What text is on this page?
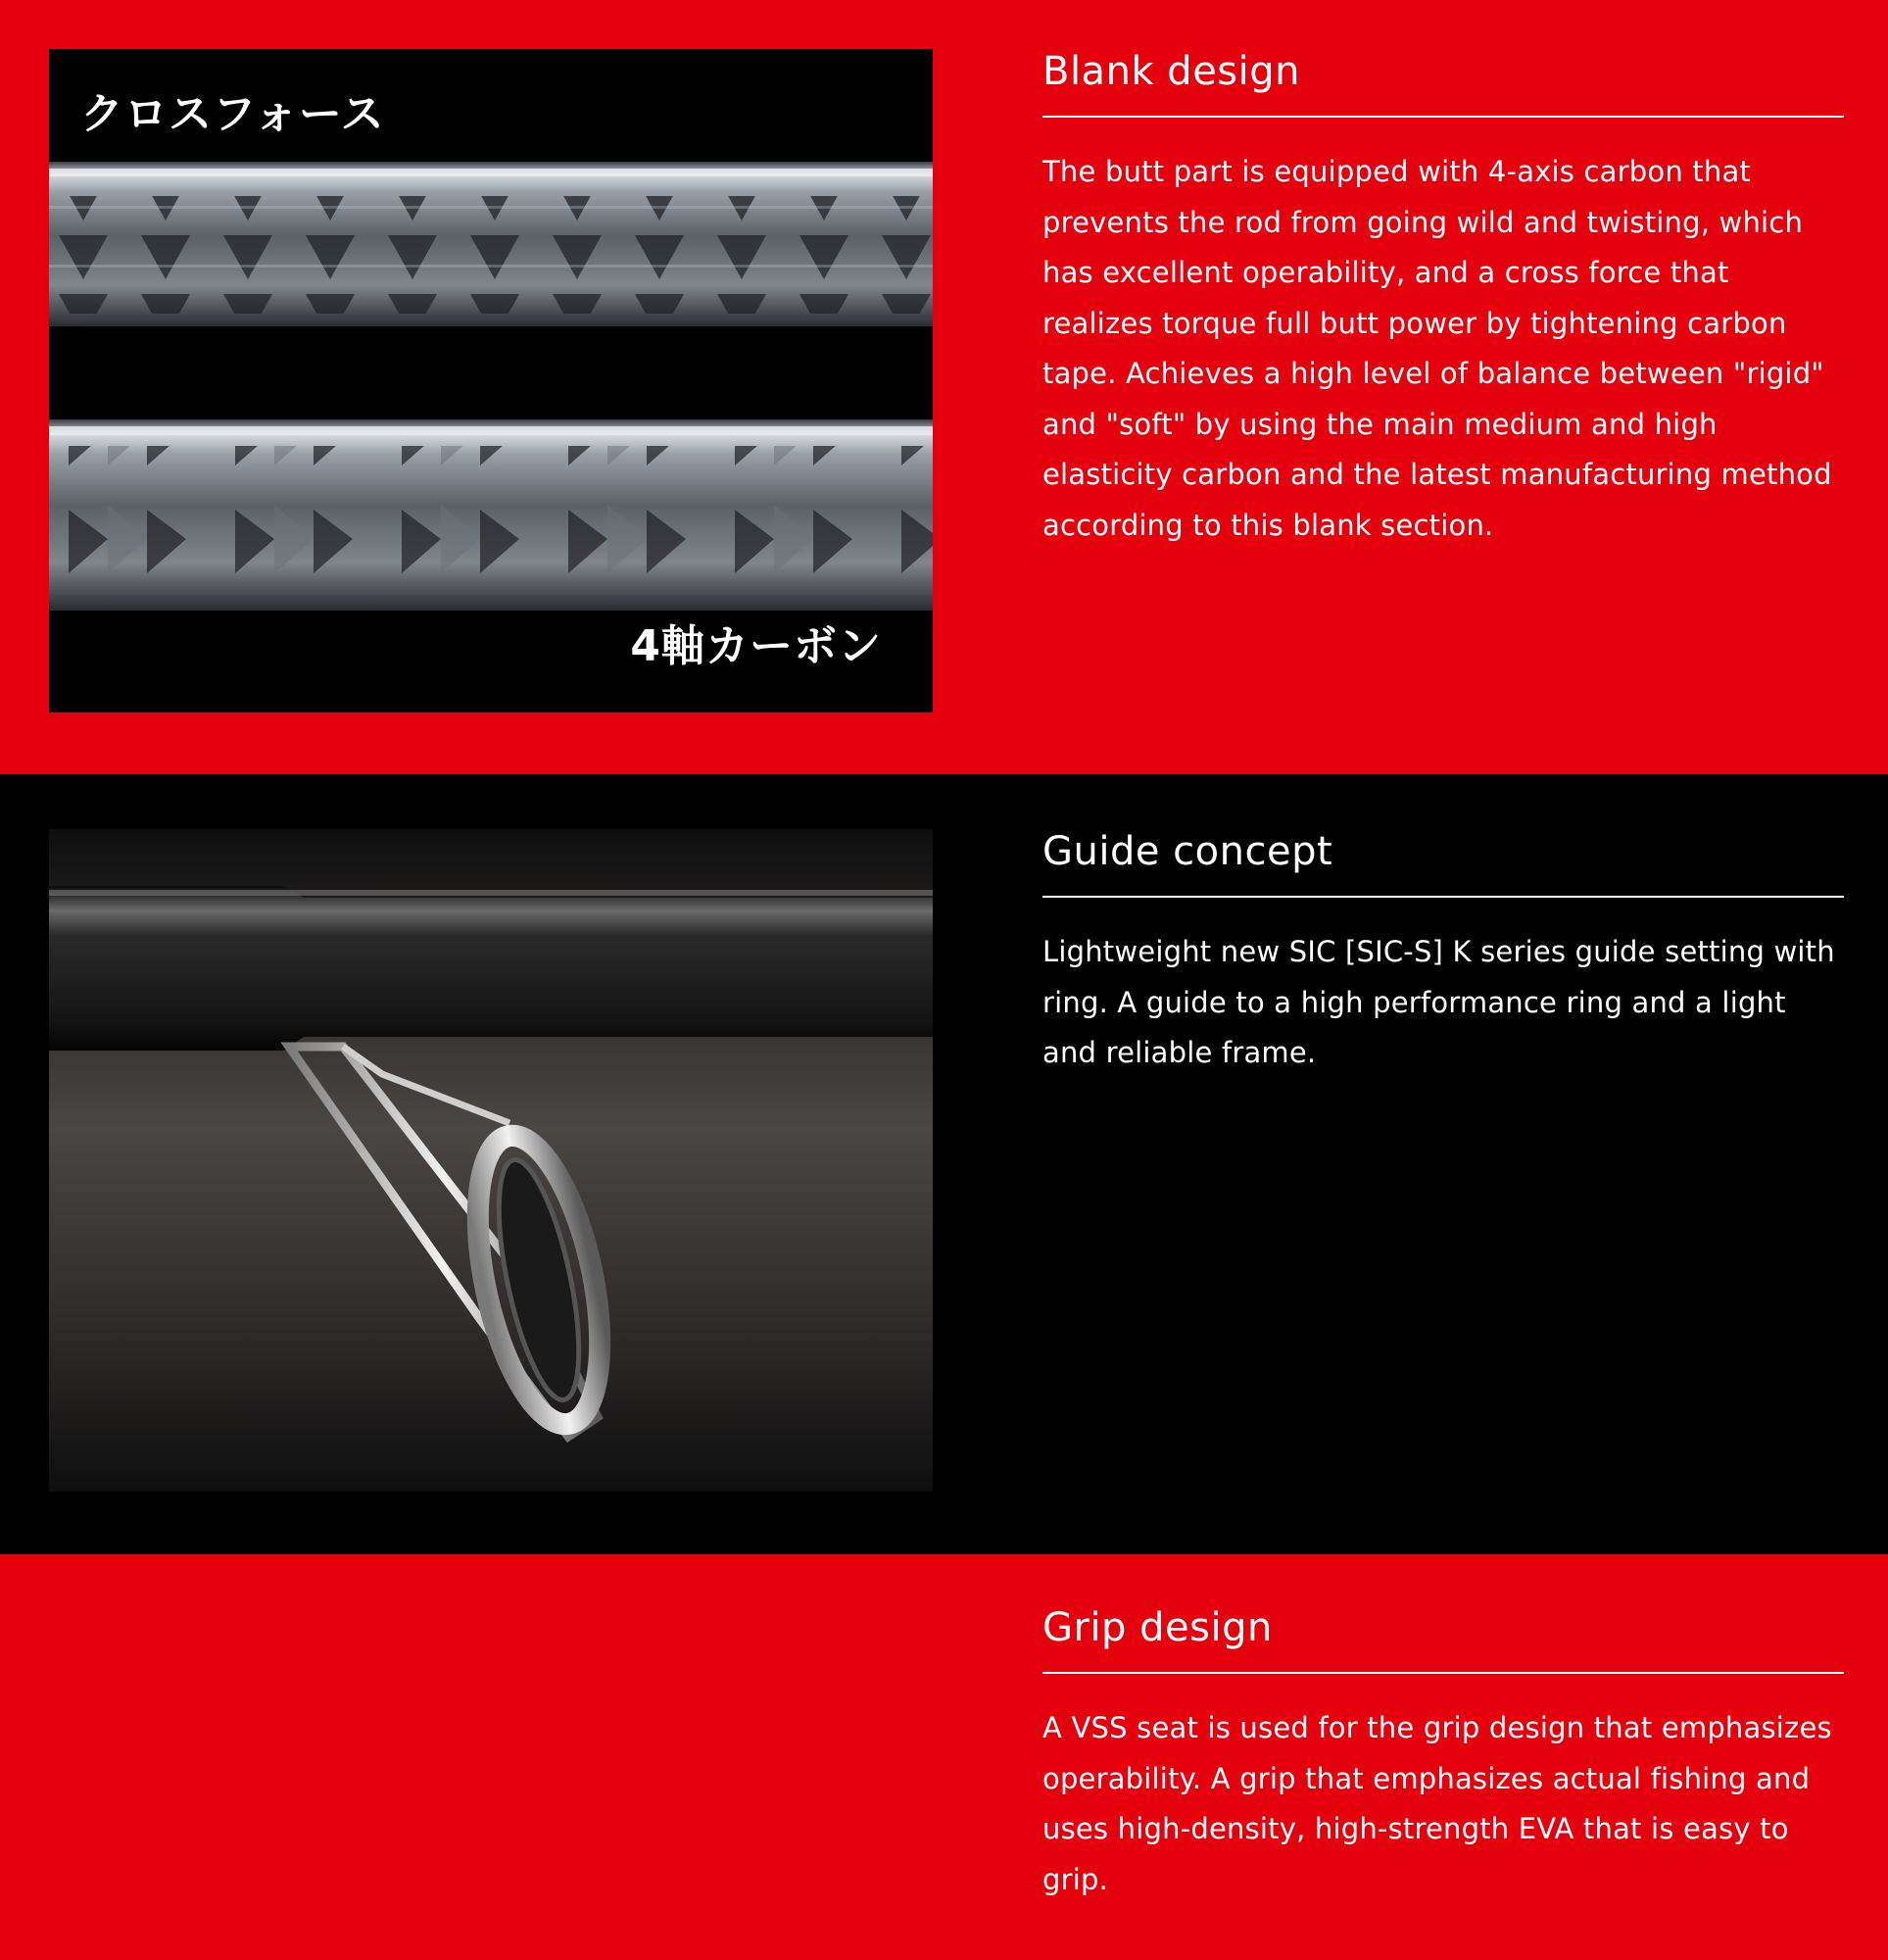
クロスフォース
4軸カーボン
Blank design

The butt part is equipped with 4-axis carbon that prevents the rod from going wild and twisting, which has excellent operability, and a cross force that realizes torque full butt power by tightening carbon tape. Achieves a high level of balance between "rigid" and "soft" by using the main medium and high elasticity carbon and the latest manufacturing method according to this blank section.

Guide concept

Lightweight new SIC [SIC-S] K series guide setting with ring. A guide to a high performance ring and a light and reliable frame.

Grip design

A VSS seat is used for the grip design that emphasizes operability. A grip that emphasizes actual fishing and uses high-density, high-strength EVA that is easy to grip.
